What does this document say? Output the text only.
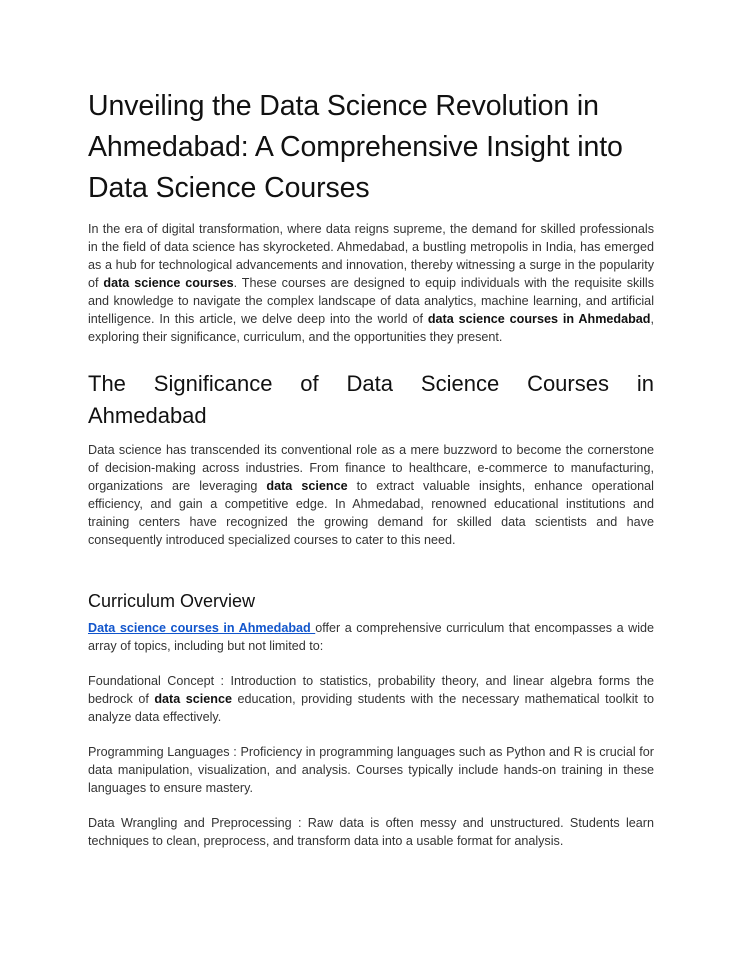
Unveiling the Data Science Revolution in Ahmedabad: A Comprehensive Insight into Data Science Courses

In the era of digital transformation, where data reigns supreme, the demand for skilled professionals in the field of data science has skyrocketed. Ahmedabad, a bustling metropolis in India, has emerged as a hub for technological advancements and innovation, thereby witnessing a surge in the popularity of data science courses. These courses are designed to equip individuals with the requisite skills and knowledge to navigate the complex landscape of data analytics, machine learning, and artificial intelligence. In this article, we delve deep into the world of data science courses in Ahmedabad, exploring their significance, curriculum, and the opportunities they present.

The Significance of Data Science Courses in
Ahmedabad

Data science has transcended its conventional role as a mere buzzword to become the cornerstone of decision-making across industries. From finance to healthcare, e-commerce to manufacturing, organizations are leveraging data science to extract valuable insights, enhance operational efficiency, and gain a competitive edge. In Ahmedabad, renowned educational institutions and training centers have recognized the growing demand for skilled data scientists and have consequently introduced specialized courses to cater to this need.

Curriculum Overview

Data science courses in Ahmedabad offer a comprehensive curriculum that encompasses a wide array of topics, including but not limited to:

Foundational Concept : Introduction to statistics, probability theory, and linear algebra forms the bedrock of data science education, providing students with the necessary mathematical toolkit to analyze data effectively.

Programming Languages : Proficiency in programming languages such as Python and R is crucial for data manipulation, visualization, and analysis. Courses typically include hands-on training in these languages to ensure mastery.

Data Wrangling and Preprocessing : Raw data is often messy and unstructured. Students learn techniques to clean, preprocess, and transform data into a usable format for analysis.
